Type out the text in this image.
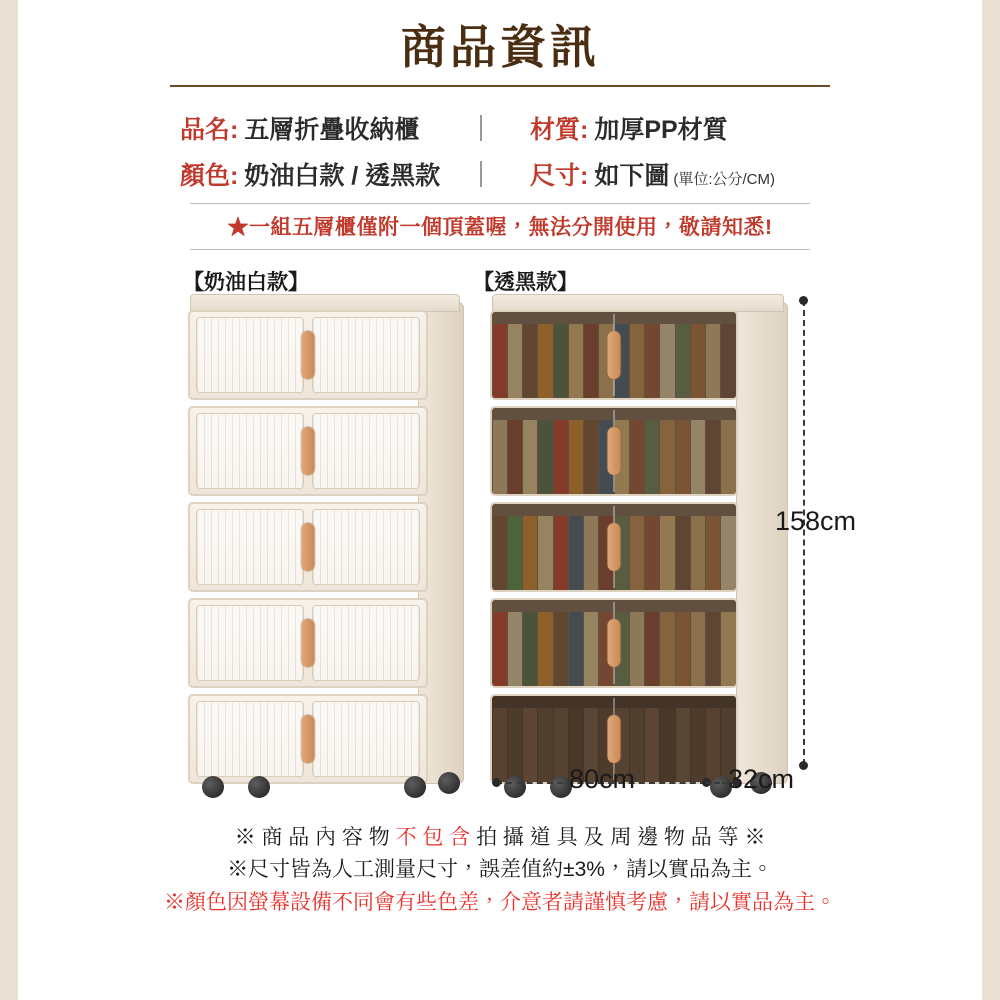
商品資訊
品名: 五層折疊收納櫃	材質: 加厚PP材質
顏色: 奶油白款 / 透黑款	尺寸: 如下圖 (單位:公分/CM)
★一組五層櫃僅附一個頂蓋喔，無法分開使用，敬請知悉!
【奶油白款】	【透黑款】
158cm
80cm	32cm
※ 商 品 內 容 物 不 包 含 拍 攝 道 具 及 周 邊 物 品 等 ※
※尺寸皆為人工測量尺寸，誤差值約±3%，請以實品為主。
※顏色因螢幕設備不同會有些色差，介意者請謹慎考慮，請以實品為主。
